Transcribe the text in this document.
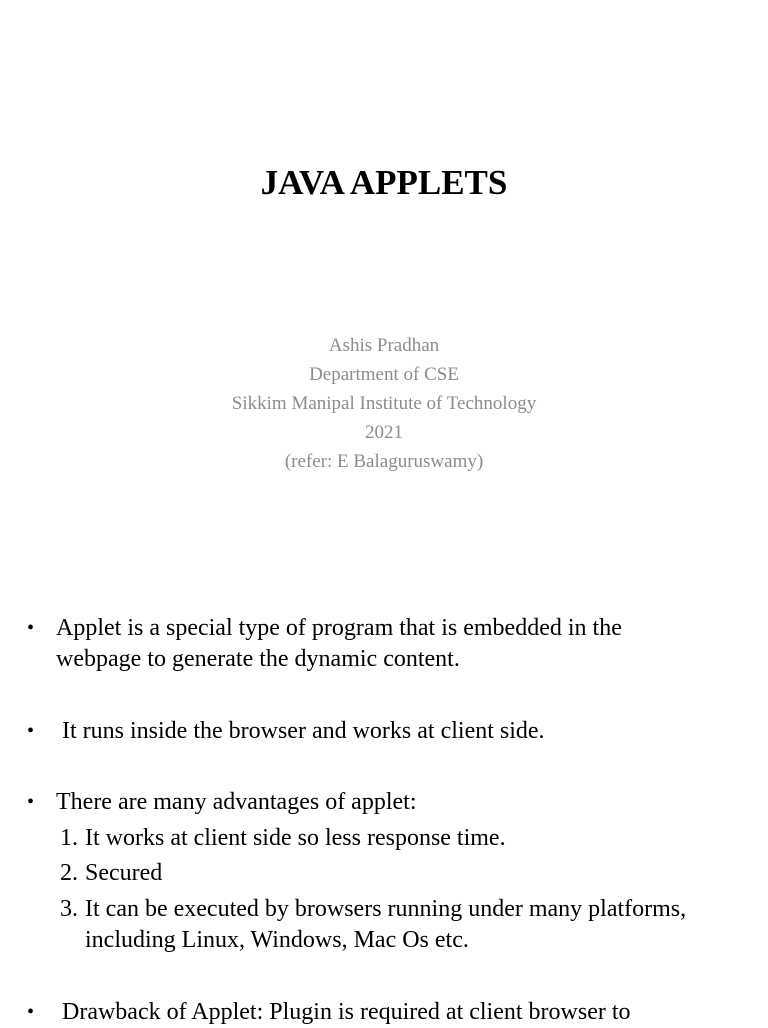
JAVA APPLETS
Ashis Pradhan
Department of CSE
Sikkim Manipal Institute of Technology
2021
(refer: E Balaguruswamy)
• Applet is a special type of program that is embedded in the
webpage to generate the dynamic content.
• It runs inside the browser and works at client side.
• There are many advantages of applet:
1. It works at client side so less response time.
2. Secured
3. It can be executed by browsers running under many platforms,
including Linux, Windows, Mac Os etc.
• Drawback of Applet: Plugin is required at client browser to
